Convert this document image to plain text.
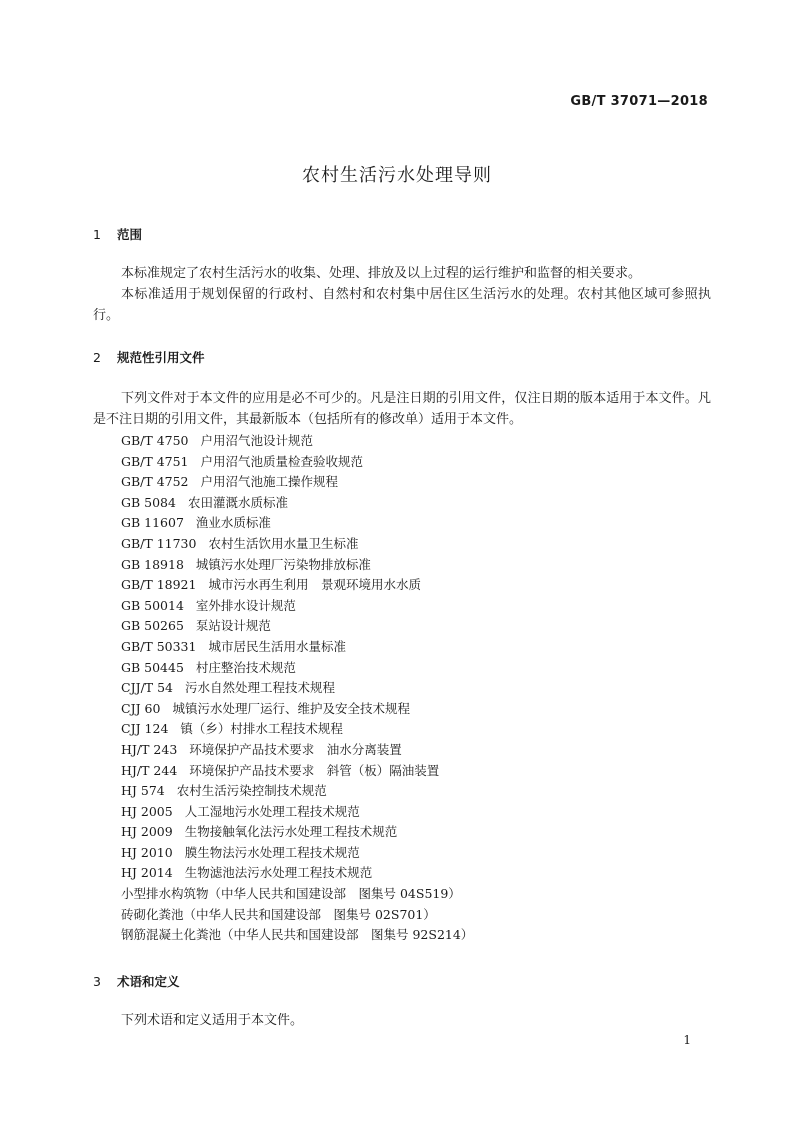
GB/T 37071—2018
农村生活污水处理导则
1 范围

本标准规定了农村生活污水的收集、处理、排放及以上过程的运行维护和监督的相关要求。

本标准适用于规划保留的行政村、自然村和农村集中居住区生活污水的处理。农村其他区域可参照执行。

2 规范性引用文件

下列文件对于本文件的应用是必不可少的。凡是注日期的引用文件，仅注日期的版本适用于本文件。凡是不注日期的引用文件，其最新版本（包括所有的修改单）适用于本文件。

GB/T 4750 户用沼气池设计规范
GB/T 4751 户用沼气池质量检查验收规范
GB/T 4752 户用沼气池施工操作规程
GB 5084 农田灌溉水质标准
GB 11607 渔业水质标准
GB/T 11730 农村生活饮用水量卫生标准
GB 18918 城镇污水处理厂污染物排放标准
GB/T 18921 城市污水再生利用　景观环境用水水质
GB 50014 室外排水设计规范
GB 50265 泵站设计规范
GB/T 50331 城市居民生活用水量标准
GB 50445 村庄整治技术规范
CJJ/T 54 污水自然处理工程技术规程
CJJ 60 城镇污水处理厂运行、维护及安全技术规程
CJJ 124 镇（乡）村排水工程技术规程
HJ/T 243 环境保护产品技术要求　油水分离装置
HJ/T 244 环境保护产品技术要求　斜管（板）隔油装置
HJ 574 农村生活污染控制技术规范
HJ 2005 人工湿地污水处理工程技术规范
HJ 2009 生物接触氧化法污水处理工程技术规范
HJ 2010 膜生物法污水处理工程技术规范
HJ 2014 生物滤池法污水处理工程技术规范
小型排水构筑物（中华人民共和国建设部　图集号 04S519）
砖砌化粪池（中华人民共和国建设部　图集号 02S701）
钢筋混凝土化粪池（中华人民共和国建设部　图集号 92S214）
3 术语和定义

下列术语和定义适用于本文件。

1
